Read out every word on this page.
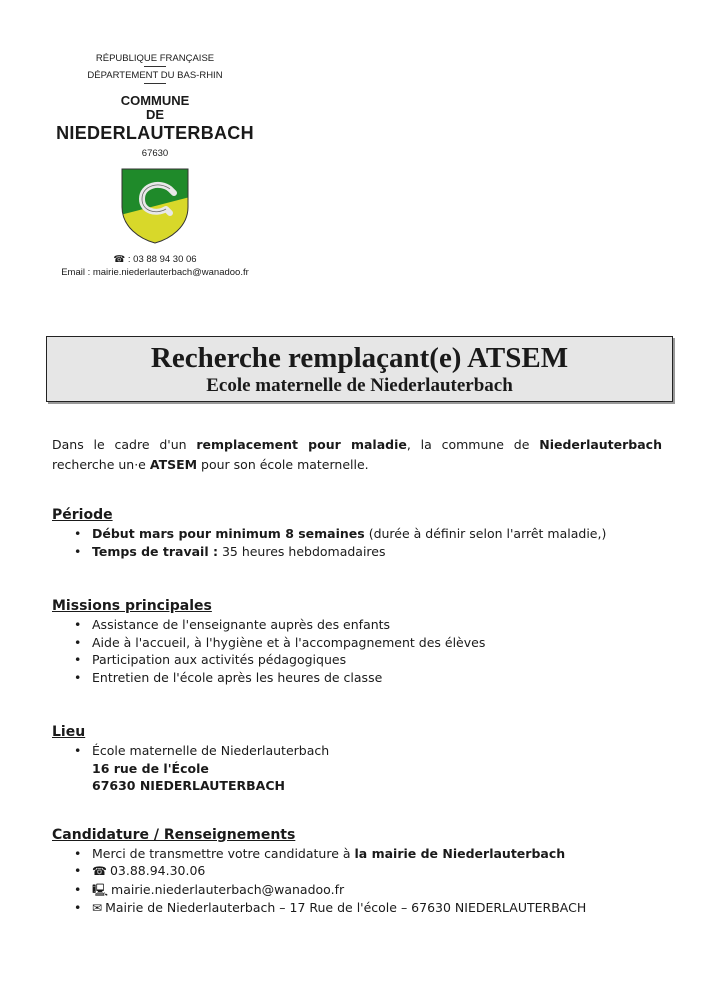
RÉPUBLIQUE FRANÇAISE
DÉPARTEMENT DU BAS-RHIN
COMMUNE
DE
NIEDERLAUTERBACH
67630
☎ : 03 88 94 30 06
Email : mairie.niederlauterbach@wanadoo.fr
Recherche remplaçant(e) ATSEM
Ecole maternelle de Niederlauterbach
Dans le cadre d'un remplacement pour maladie, la commune de Niederlauterbach recherche un·e ATSEM pour son école maternelle.
Période
• Début mars pour minimum 8 semaines (durée à définir selon l'arrêt maladie,)
• Temps de travail : 35 heures hebdomadaires
Missions principales
• Assistance de l'enseignante auprès des enfants
• Aide à l'accueil, à l'hygiène et à l'accompagnement des élèves
• Participation aux activités pédagogiques
• Entretien de l'école après les heures de classe
Lieu
• École maternelle de Niederlauterbach
16 rue de l'École
67630 NIEDERLAUTERBACH
Candidature / Renseignements
• Merci de transmettre votre candidature à la mairie de Niederlauterbach
• ☎ 03.88.94.30.06
• 🖳 mairie.niederlauterbach@wanadoo.fr
• ✉ Mairie de Niederlauterbach – 17 Rue de l'école – 67630 NIEDERLAUTERBACH
